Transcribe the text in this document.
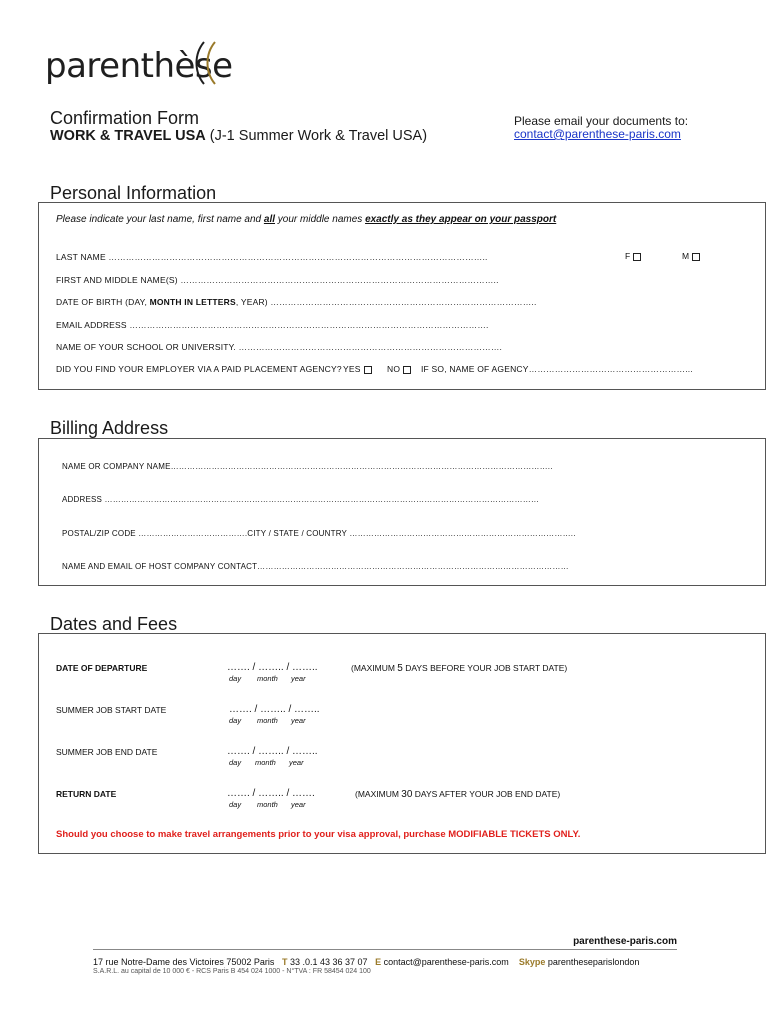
parenthèse
Confirmation Form
WORK & TRAVEL USA (J-1 Summer Work & Travel USA)
Please email your documents to:
contact@parenthese-paris.com
Personal Information
Please indicate your last name, first name and all your middle names exactly as they appear on your passport
LAST NAME …………………………………………………………………………………………………………………..	F	M
FIRST AND MIDDLE NAME(S) ………………………………………………………………………………………………..
DATE OF BIRTH (DAY, MONTH IN LETTERS, YEAR) ………………………………………………………………………………..
EMAIL ADDRESS …………………………………………………………………………………………………………….
NAME OF YOUR SCHOOL OR UNIVERSITY. ……………………………………………………………………………….
DID YOU FIND YOUR EMPLOYER VIA A PAID PLACEMENT AGENCY? YES	NO	IF SO, NAME OF AGENCY………………………………………………...
Billing Address
NAME OR COMPANY NAME…………………………………………………………………………………………………………………………..
ADDRESS ……………………………………………………………………………………………………………………………………………
POSTAL/ZIP CODE ………………………………….CITY / STATE / COUNTRY ………………………………………………………………………..
NAME AND EMAIL OF HOST COMPANY CONTACT……………………………………………………………………………………………………
Dates and Fees
DATE OF DEPARTURE	……. / …….. / ……..
day month year
(MAXIMUM 5 DAYS BEFORE YOUR JOB START DATE)
SUMMER JOB START DATE	……. / …….. / ……..
day month year
SUMMER JOB END DATE	……. / …….. / ……..
day month year
RETURN DATE	……. / …….. / …….
day month year
(MAXIMUM 30 DAYS AFTER YOUR JOB END DATE)
Should you choose to make travel arrangements prior to your visa approval, purchase MODIFIABLE TICKETS ONLY.
parenthese-paris.com
17 rue Notre-Dame des Victoires 75002 Paris T 33 .0.1 43 36 37 07 E contact@parenthese-paris.com Skype parentheseparislondon
S.A.R.L. au capital de 10 000 € - RCS Paris B 454 024 1000 - N°TVA : FR 58454 024 100
